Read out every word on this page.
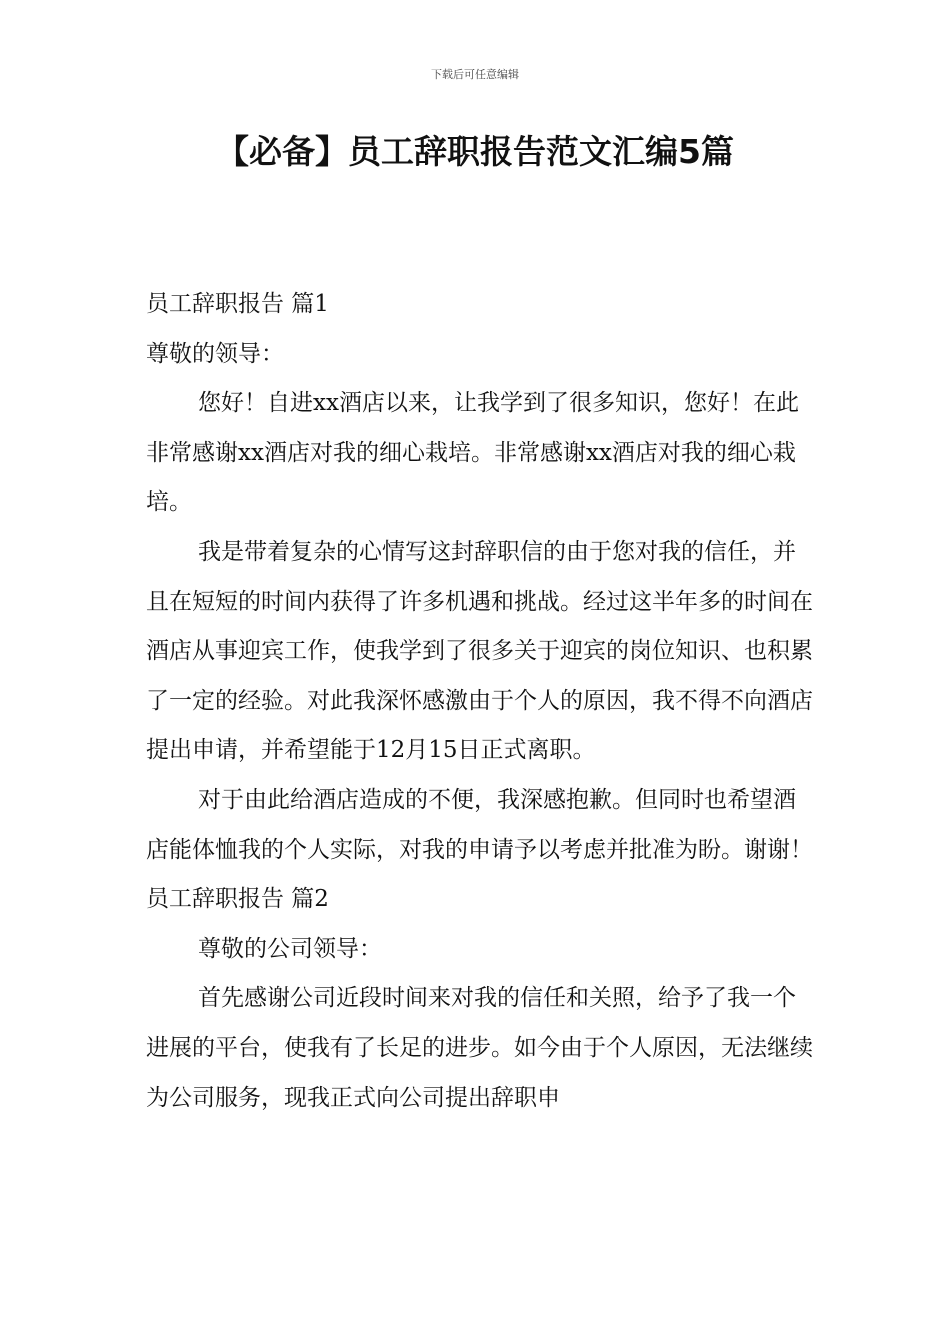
下载后可任意编辑
【必备】员工辞职报告范文汇编5篇

员工辞职报告 篇1

尊敬的领导：

您好！自进xx酒店以来，让我学到了很多知识，您好！在此非常感谢xx酒店对我的细心栽培。非常感谢xx酒店对我的细心栽培。

我是带着复杂的心情写这封辞职信的由于您对我的信任，并且在短短的时间内获得了许多机遇和挑战。经过这半年多的时间在酒店从事迎宾工作，使我学到了很多关于迎宾的岗位知识、也积累了一定的经验。对此我深怀感激由于个人的原因，我不得不向酒店提出申请，并希望能于12月15日正式离职。

对于由此给酒店造成的不便，我深感抱歉。但同时也希望酒店能体恤我的个人实际，对我的申请予以考虑并批准为盼。谢谢！

员工辞职报告 篇2

尊敬的公司领导：

首先感谢公司近段时间来对我的信任和关照，给予了我一个进展的平台，使我有了长足的进步。如今由于个人原因，无法继续为公司服务，现我正式向公司提出辞职申
